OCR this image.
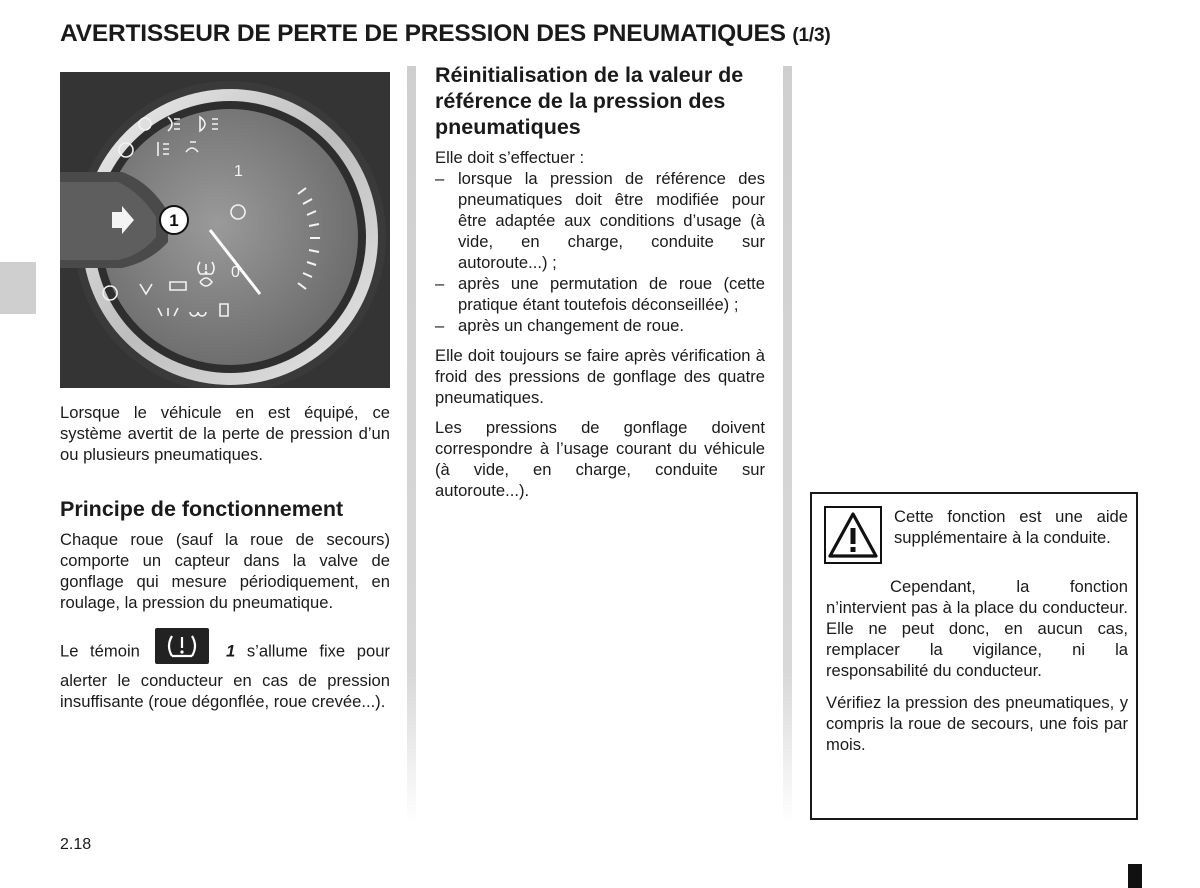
AVERTISSEUR DE PERTE DE PRESSION DES PNEUMATIQUES (1/3)
1
0
1
36504

Lorsque le véhicule en est équipé, ce système avertit de la perte de pression d’un ou plusieurs pneumatiques.

Principe de fonctionnement

Chaque roue (sauf la roue de secours) comporte un capteur dans la valve de gonflage qui mesure périodiquement, en roulage, la pression du pneumatique.

Le témoin	1 s’allume fixe pour alerter le conducteur en cas de pression insuffisante (roue dégonflée, roue crevée...).

Réinitialisation de la valeur de référence de la pression des pneumatiques

Elle doit s’effectuer :

– lorsque la pression de référence des pneumatiques doit être modifiée pour être adaptée aux conditions d’usage (à vide, en charge, conduite sur autoroute...) ;
– après une permutation de roue (cette pratique étant toutefois déconseillée) ;
– après un changement de roue.

Elle doit toujours se faire après vérification à froid des pressions de gonflage des quatre pneumatiques.

Les pressions de gonflage doivent correspondre à l’usage courant du véhicule (à vide, en charge, conduite sur autoroute...).

Cette fonction est une aide supplémentaire à la conduite.

Cependant, la fonction n’intervient pas à la place du conducteur. Elle ne peut donc, en aucun cas, remplacer la vigilance, ni la responsabilité du conducteur.

Vérifiez la pression des pneumatiques, y compris la roue de secours, une fois par mois.

2.18
